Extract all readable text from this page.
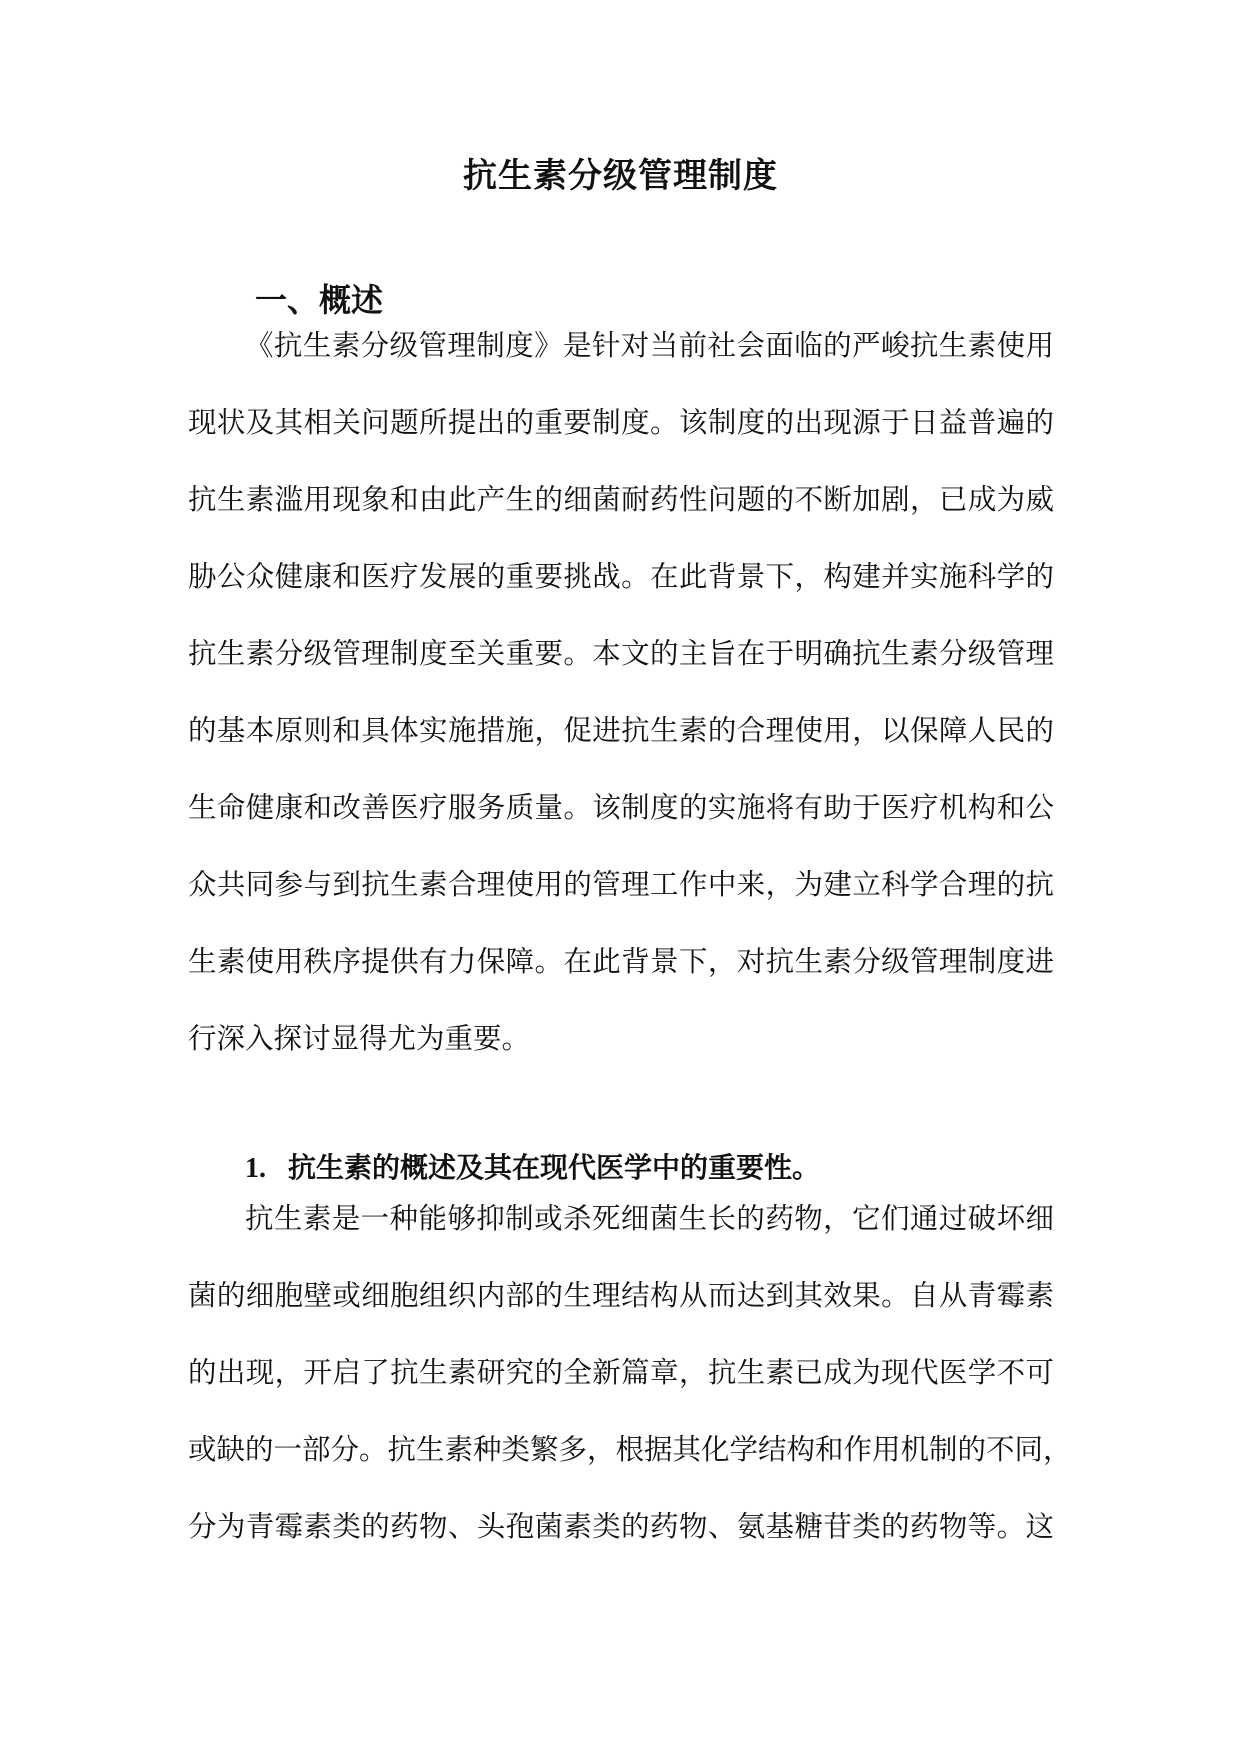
抗生素分级管理制度
一、概述
《抗生素分级管理制度》是针对当前社会面临的严峻抗生素使用
现状及其相关问题所提出的重要制度。该制度的出现源于日益普遍的
抗生素滥用现象和由此产生的细菌耐药性问题的不断加剧，已成为威
胁公众健康和医疗发展的重要挑战。在此背景下，构建并实施科学的
抗生素分级管理制度至关重要。本文的主旨在于明确抗生素分级管理
的基本原则和具体实施措施，促进抗生素的合理使用，以保障人民的
生命健康和改善医疗服务质量。该制度的实施将有助于医疗机构和公
众共同参与到抗生素合理使用的管理工作中来，为建立科学合理的抗
生素使用秩序提供有力保障。在此背景下，对抗生素分级管理制度进
行深入探讨显得尤为重要。
1. 抗生素的概述及其在现代医学中的重要性。
抗生素是一种能够抑制或杀死细菌生长的药物，它们通过破坏细
菌的细胞壁或细胞组织内部的生理结构从而达到其效果。自从青霉素
的出现，开启了抗生素研究的全新篇章，抗生素已成为现代医学不可
或缺的一部分。抗生素种类繁多，根据其化学结构和作用机制的不同，
分为青霉素类的药物、头孢菌素类的药物、氨基糖苷类的药物等。这
